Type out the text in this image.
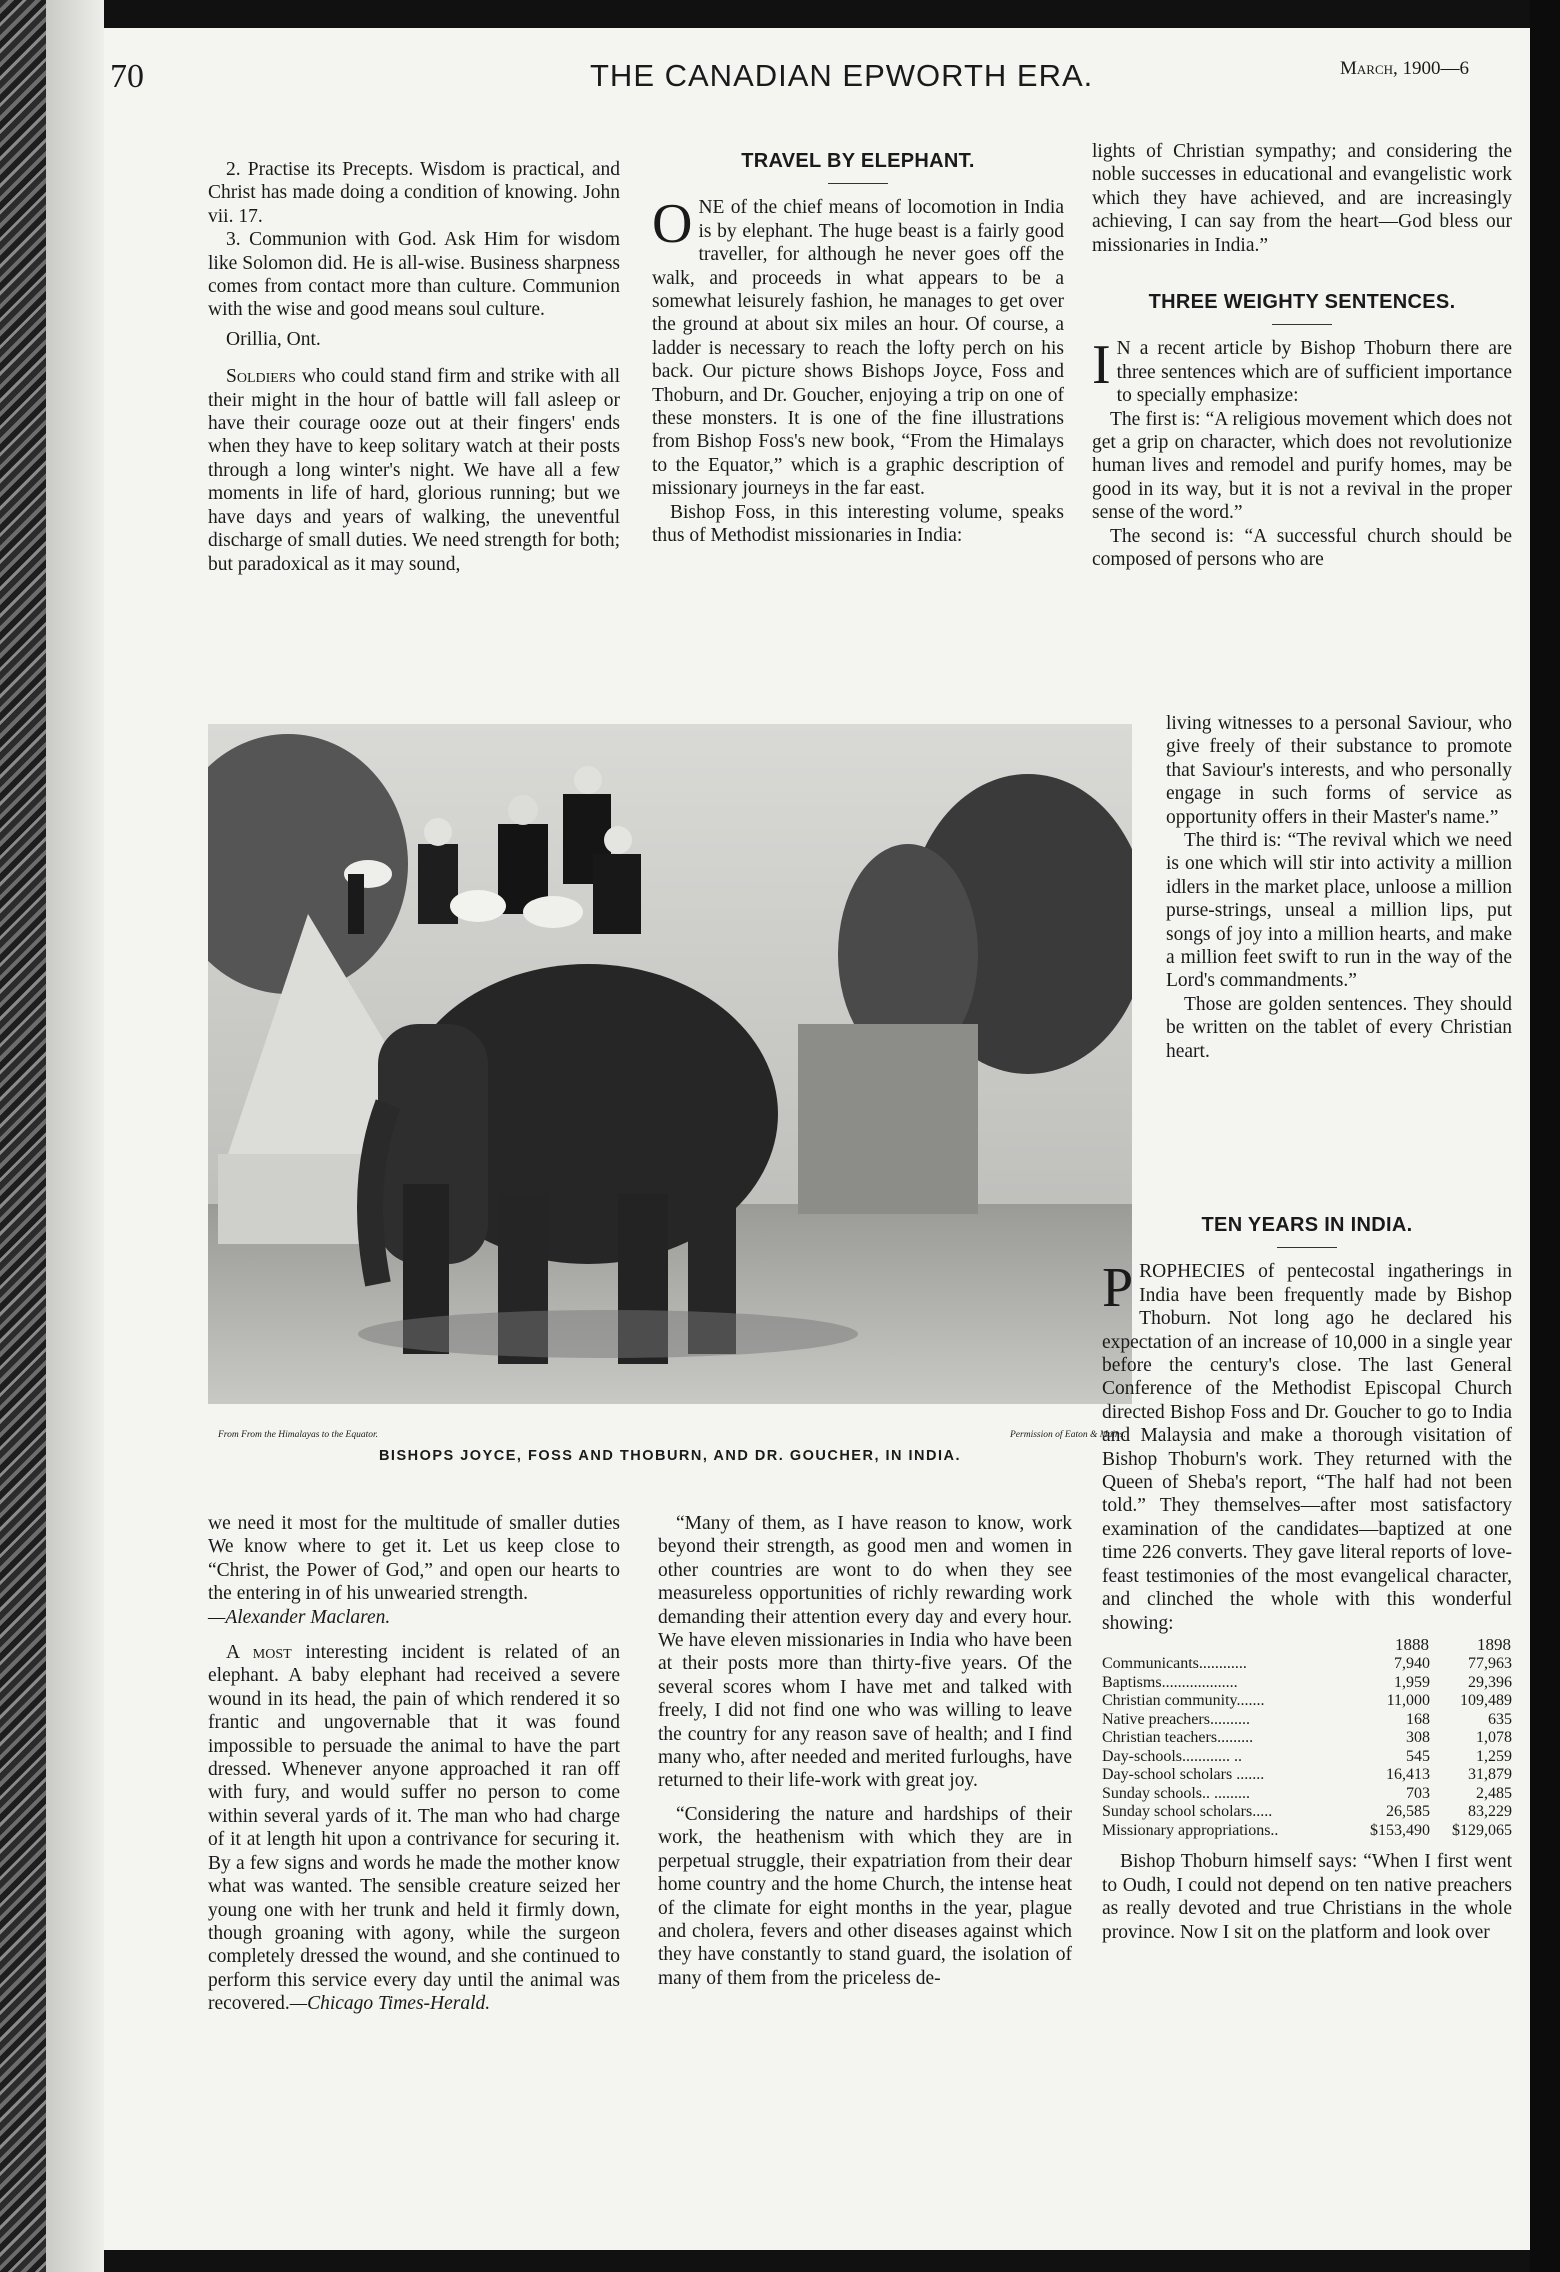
70	THE CANADIAN EPWORTH ERA.	March, 1900—6

2. Practise its Precepts. Wisdom is practical, and Christ has made doing a condition of knowing. John vii. 17.

3. Communion with God. Ask Him for wisdom like Solomon did. He is all-wise. Business sharpness comes from contact more than culture. Communion with the wise and good means soul culture.

Orillia, Ont.

Soldiers who could stand firm and strike with all their might in the hour of battle will fall asleep or have their courage ooze out at their fingers' ends when they have to keep solitary watch at their posts through a long winter's night. We have all a few moments in life of hard, glorious running; but we have days and years of walking, the uneventful discharge of small duties. We need strength for both; but paradoxical as it may sound,

TRAVEL BY ELEPHANT.

ONE of the chief means of locomotion in India is by elephant. The huge beast is a fairly good traveller, for although he never goes off the walk, and proceeds in what appears to be a somewhat leisurely fashion, he manages to get over the ground at about six miles an hour. Of course, a ladder is necessary to reach the lofty perch on his back. Our picture shows Bishops Joyce, Foss and Thoburn, and Dr. Goucher, enjoying a trip on one of these monsters. It is one of the fine illustrations from Bishop Foss's new book, “From the Himalays to the Equator,” which is a graphic description of missionary journeys in the far east.

Bishop Foss, in this interesting volume, speaks thus of Methodist missionaries in India:

lights of Christian sympathy; and considering the noble successes in educational and evangelistic work which they have achieved, and are increasingly achieving, I can say from the heart—God bless our missionaries in India.”

THREE WEIGHTY SENTENCES.

I N a recent article by Bishop Thoburn there are three sentences which are of sufficient importance to specially emphasize:

The first is: “A religious movement which does not get a grip on character, which does not revolutionize human lives and remodel and purify homes, may be good in its way, but it is not a revival in the proper sense of the word.”

The second is: “A successful church should be composed of persons who are

living witnesses to a personal Saviour, who give freely of their substance to promote that Saviour's interests, and who personally engage in such forms of service as opportunity offers in their Master's name.”

The third is: “The revival which we need is one which will stir into activity a million idlers in the market place, unloose a million purse-strings, unseal a million lips, put songs of joy into a million hearts, and make a million feet swift to run in the way of the Lord's commandments.”

Those are golden sentences. They should be written on the tablet of every Christian heart.

From From the Himalayas to the Equator.	Permission of Eaton & Mains.
BISHOPS JOYCE, FOSS AND THOBURN, AND DR. GOUCHER, IN INDIA.

we need it most for the multitude of smaller duties We know where to get it. Let us keep close to “Christ, the Power of God,” and open our hearts to the entering in of his unwearied strength.

—Alexander Maclaren.

A most interesting incident is related of an elephant. A baby elephant had received a severe wound in its head, the pain of which rendered it so frantic and ungovernable that it was found impossible to persuade the animal to have the part dressed. Whenever anyone approached it ran off with fury, and would suffer no person to come within several yards of it. The man who had charge of it at length hit upon a contrivance for securing it. By a few signs and words he made the mother know what was wanted. The sensible creature seized her young one with her trunk and held it firmly down, though groaning with agony, while the surgeon completely dressed the wound, and she continued to perform this service every day until the animal was recovered.—Chicago Times-Herald.

“Many of them, as I have reason to know, work beyond their strength, as good men and women in other countries are wont to do when they see measureless opportunities of richly rewarding work demanding their attention every day and every hour. We have eleven missionaries in India who have been at their posts more than thirty-five years. Of the several scores whom I have met and talked with freely, I did not find one who was willing to leave the country for any reason save of health; and I find many who, after needed and merited furloughs, have returned to their life-work with great joy.

“Considering the nature and hardships of their work, the heathenism with which they are in perpetual struggle, their expatriation from their dear home country and the home Church, the intense heat of the climate for eight months in the year, plague and cholera, fevers and other diseases against which they have constantly to stand guard, the isolation of many of them from the priceless de-

TEN YEARS IN INDIA.

PROPHECIES of pentecostal ingatherings in India have been frequently made by Bishop Thoburn. Not long ago he declared his expectation of an increase of 10,000 in a single year before the century's close. The last General Conference of the Methodist Episcopal Church directed Bishop Foss and Dr. Goucher to go to India and Malaysia and make a thorough visitation of Bishop Thoburn's work. They returned with the Queen of Sheba's report, “The half had not been told.” They themselves—after most satisfactory examination of the candidates—baptized at one time 226 converts. They gave literal reports of love-feast testimonies of the most evangelical character, and clinched the whole with this wonderful showing:

	1888	1898
Communicants............	7,940	77,963
Baptisms...................	1,959	29,396
Christian community.......	11,000	109,489
Native preachers..........	168	635
Christian teachers.........	308	1,078
Day-schools............ ..	545	1,259
Day-school scholars .......	16,413	31,879
Sunday schools.. .........	703	2,485
Sunday school scholars.....	26,585	83,229
Missionary appropriations..	$153,490	$129,065

Bishop Thoburn himself says: “When I first went to Oudh, I could not depend on ten native preachers as really devoted and true Christians in the whole province. Now I sit on the platform and look over
